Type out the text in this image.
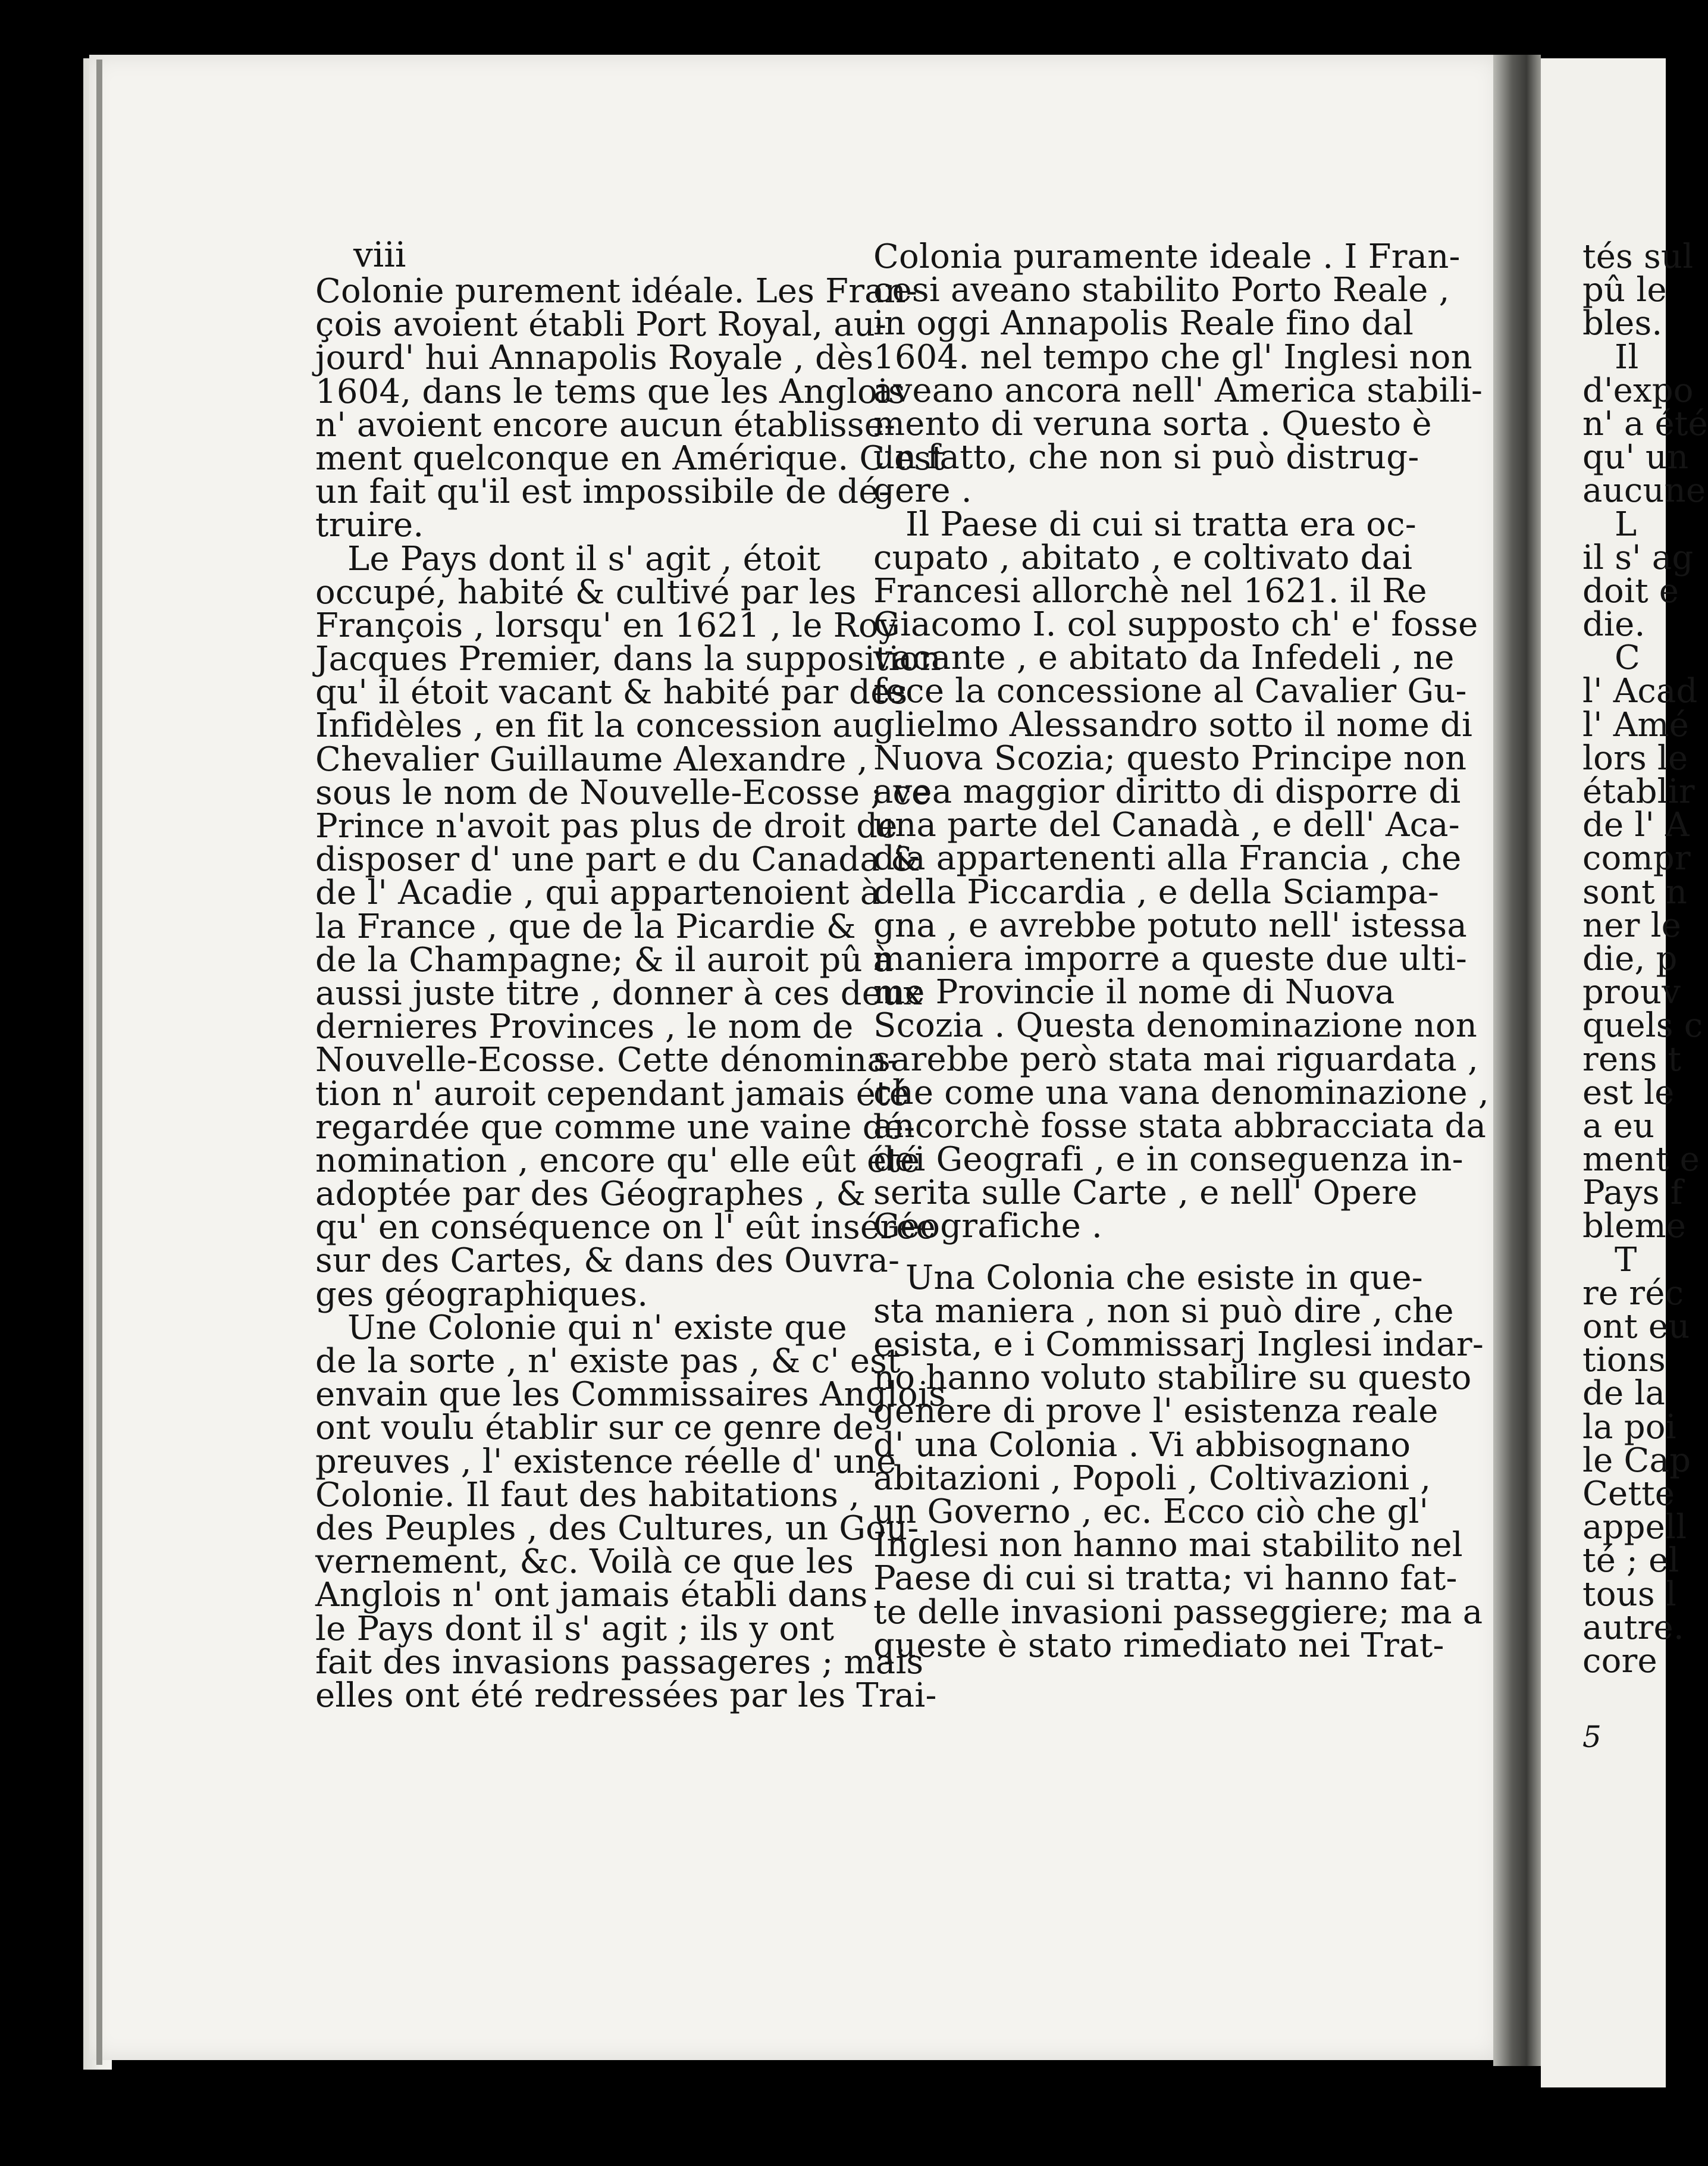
viii
Colonie purement idéale. Les Fran-
çois avoient établi Port Royal, au-
jourd' hui Annapolis Royale , dès
1604, dans le tems que les Anglois
n' avoient encore aucun établisse-
ment quelconque en Amérique. C'est
un fait qu'il est impossibile de dé-
truire.
Le Pays dont il s' agit , étoit
occupé, habité & cultivé par les
François , lorsqu' en 1621 , le Roy
Jacques Premier, dans la supposition
qu' il étoit vacant & habité par des
Infidèles , en fit la concession au
Chevalier Guillaume Alexandre ,
sous le nom de Nouvelle-Ecosse ; ce
Prince n'avoit pas plus de droit de
disposer d' une part e du Canada &
de l' Acadie , qui appartenoient à
la France , que de la Picardie &
de la Champagne; & il auroit pû à
aussi juste titre , donner à ces deux
dernieres Provinces , le nom de
Nouvelle-Ecosse. Cette dénomina-
tion n' auroit cependant jamais été
regardée que comme une vaine dé-
nomination , encore qu' elle eût été
adoptée par des Géographes , &
qu' en conséquence on l' eût insérée
sur des Cartes, & dans des Ouvra-
ges géographiques.
Une Colonie qui n' existe que
de la sorte , n' existe pas , & c' est
envain que les Commissaires Anglois
ont voulu établir sur ce genre de
preuves , l' existence réelle d' une
Colonie. Il faut des habitations ,
des Peuples , des Cultures, un Gou-
vernement, &c. Voilà ce que les
Anglois n' ont jamais établi dans
le Pays dont il s' agit ; ils y ont
fait des invasions passageres ; mais
elles ont été redressées par les Trai-
Colonia puramente ideale . I Fran-
cesi aveano stabilito Porto Reale ,
in oggi Annapolis Reale fino dal
1604. nel tempo che gl' Inglesi non
aveano ancora nell' America stabili-
mento di veruna sorta . Questo è
un fatto, che non si può distrug-
gere .
Il Paese di cui si tratta era oc-
cupato , abitato , e coltivato dai
Francesi allorchè nel 1621. il Re
Giacomo I. col supposto ch' e' fosse
vacante , e abitato da Infedeli , ne
fece la concessione al Cavalier Gu-
glielmo Alessandro sotto il nome di
Nuova Scozia; questo Principe non
avea maggior diritto di disporre di
una parte del Canadà , e dell' Aca-
dia appartenenti alla Francia , che
della Piccardia , e della Sciampa-
gna , e avrebbe potuto nell' istessa
maniera imporre a queste due ulti-
me Provincie il nome di Nuova
Scozia . Questa denominazione non
sarebbe però stata mai riguardata ,
che come una vana denominazione ,
ancorchè fosse stata abbracciata da
dei Geografi , e in conseguenza in-
serita sulle Carte , e nell' Opere
Geografiche .
Una Colonia che esiste in que-
sta maniera , non si può dire , che
esista, e i Commissarj Inglesi indar-
no hanno voluto stabilire su questo
genere di prove l' esistenza reale
d' una Colonia . Vi abbisognano
abitazioni , Popoli , Coltivazioni ,
un Governo , ec. Ecco ciò che gl'
Inglesi non hanno mai stabilito nel
Paese di cui si tratta; vi hanno fat-
te delle invasioni passeggiere; ma a
queste è stato rimediato nei Trat-
tés sul
pû le
bles.
Il
d'expo
n' a été
qu' un
aucune
L
il s' ag
doit e
die.
C
l' Acad
l' Amé
lors le
établir
de l' A
compr
sont n
ner le
die, p
prouv
quels c
rens t
est le
a eu
ment e
Pays f
bleme
T
re réc
ont eu
tions
de la
la poi
le Cap
Cette
appell
té ; el
tous l
autre.
core
5
